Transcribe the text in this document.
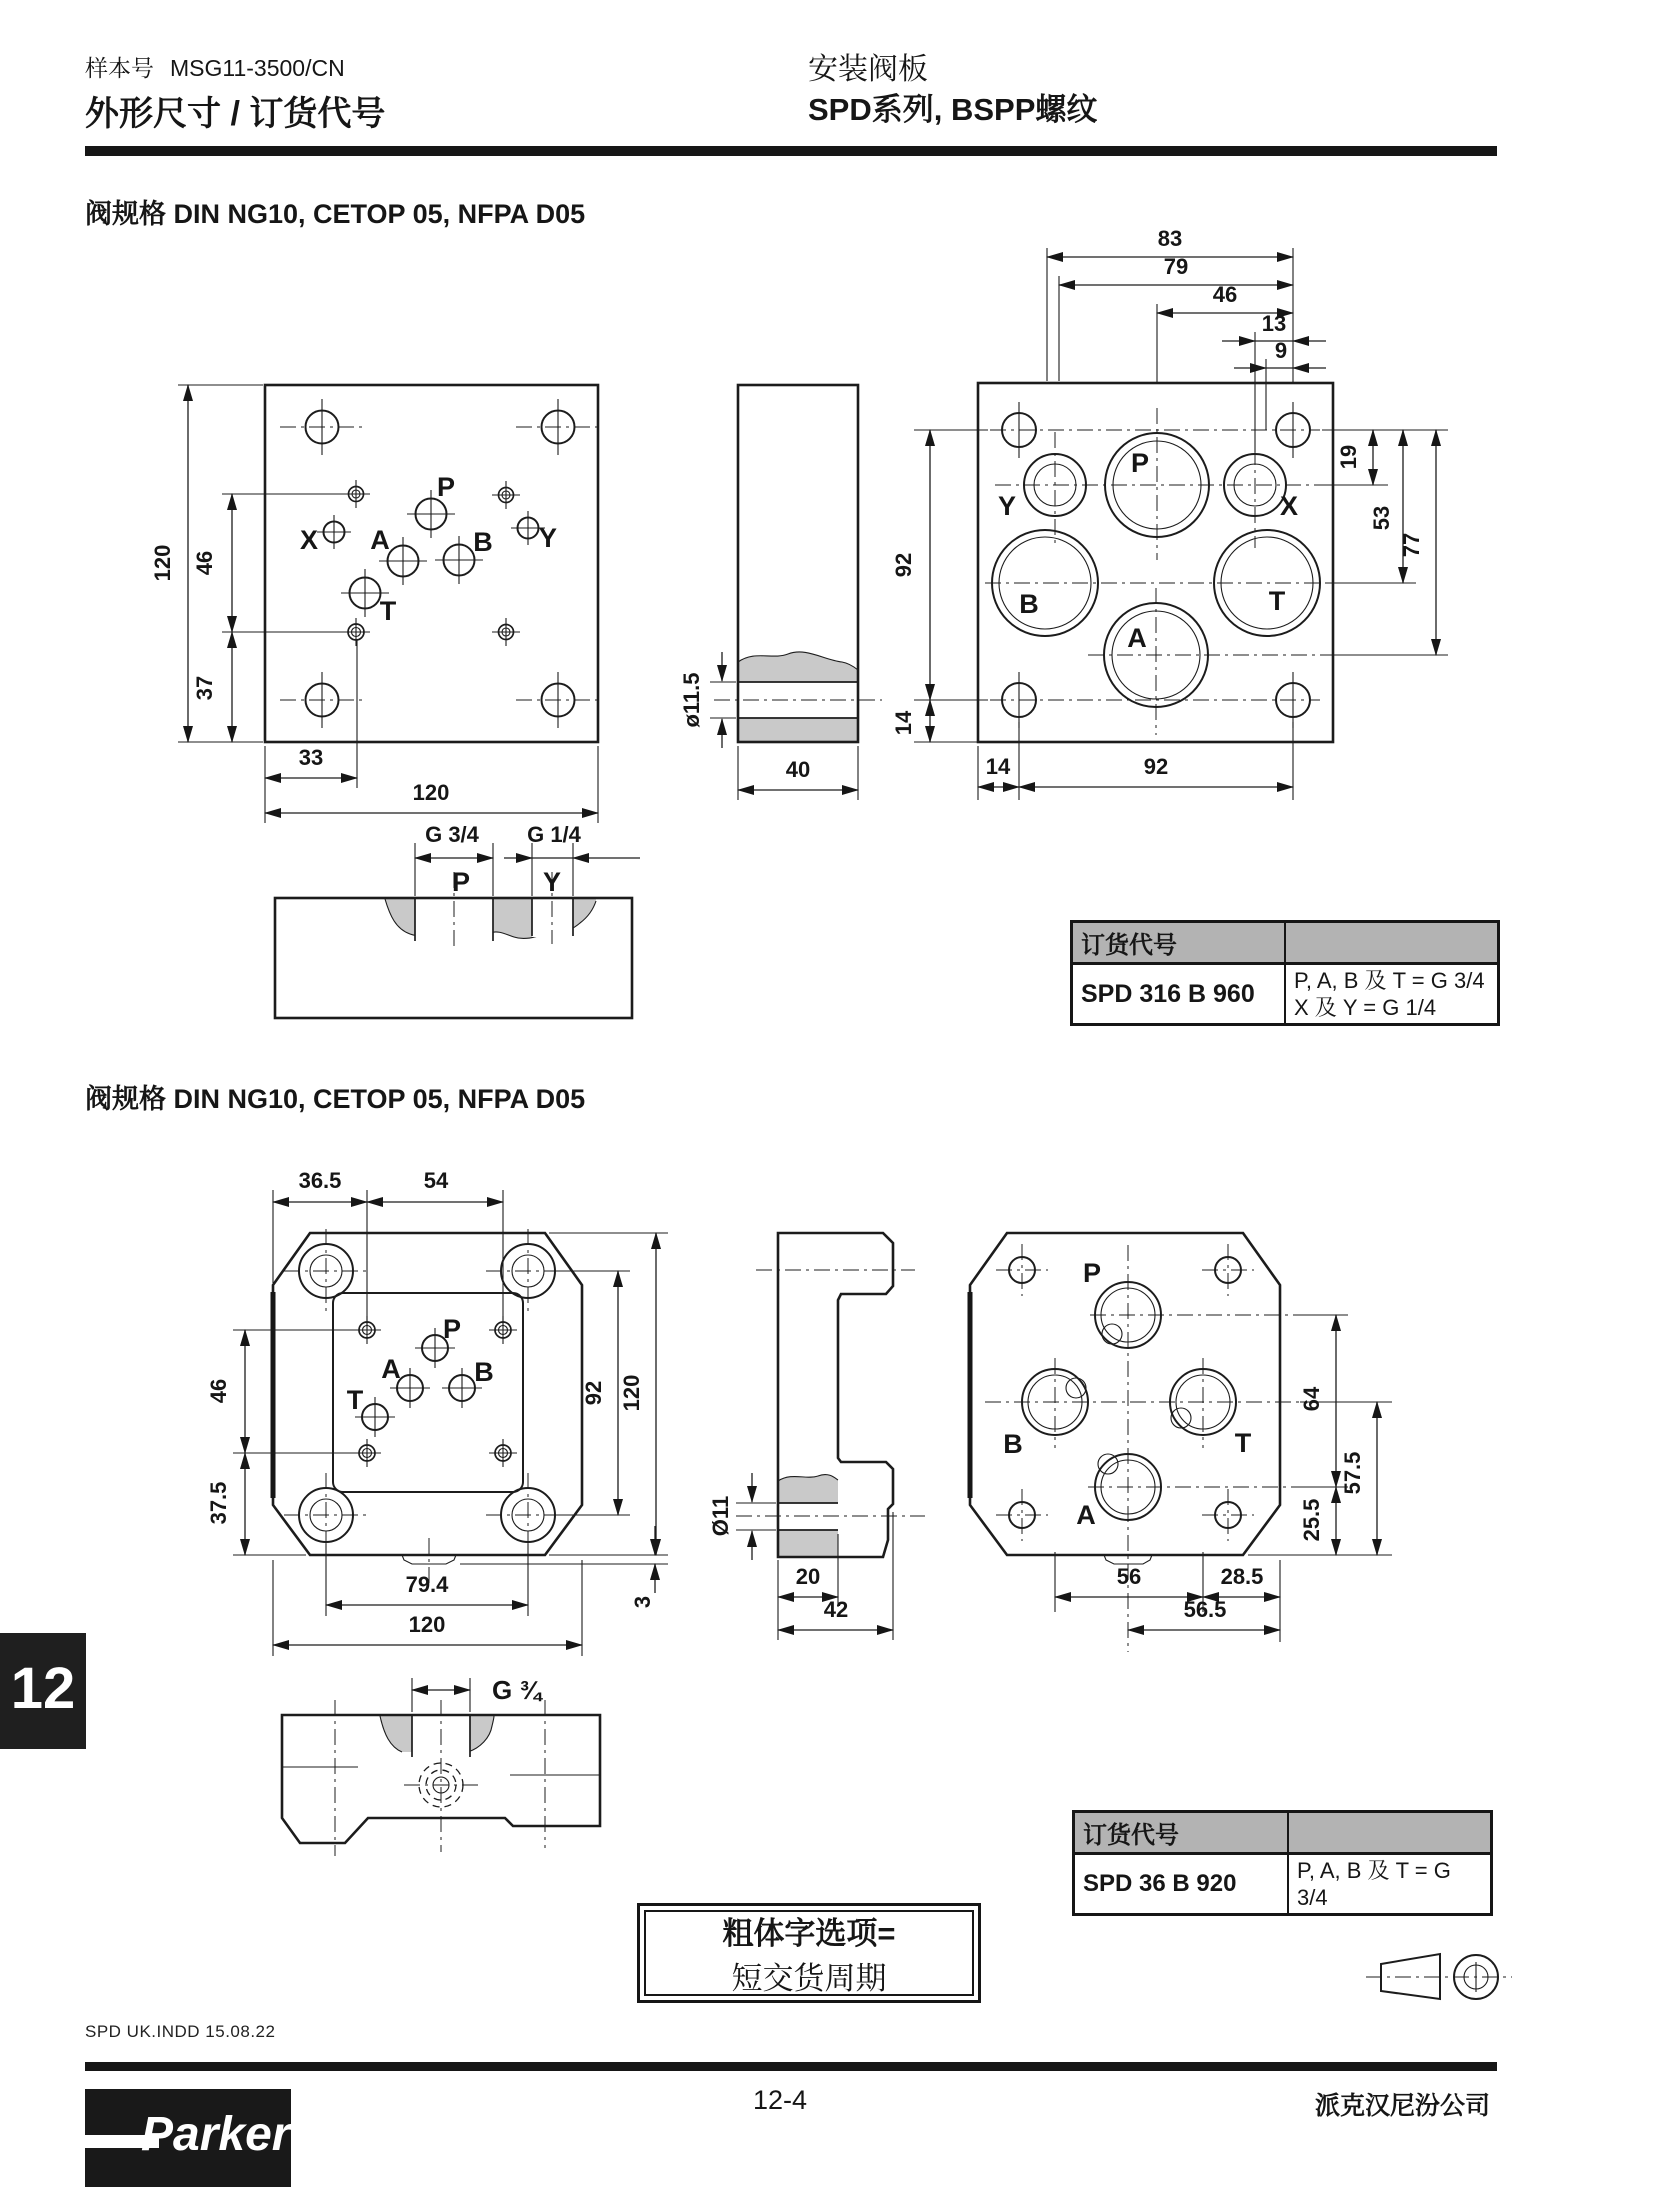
样本号 MSG11-3500/CN
外形尺寸 / 订货代号
安装阀板
SPD系列, BSPP螺纹
阀规格 DIN NG10, CETOP 05, NFPA D05
阀规格 DIN NG10, CETOP 05, NFPA D05
X
P
A	B Y
T
120 46
37
33
120
ø11.5
40
Y
P
X
B	T
A
83
79
46
13
9
19
53
77
92
14
14	92
G 3/4 G 1/4
P	Y
P
A	B
T
36.5	54
46
37.5
92 120
79.4
120
3
Ø11
20
42
P
B	T
A
64
57.5
25.5
56	28.5
56.5
G ¾
订货代号	
SPD 316 B 960	P, A, B 及 T = G 3/4
X 及 Y = G 1/4
订货代号	
SPD 36 B 920	P, A, B 及 T = G 3/4
粗体字选项=
短交货周期
12
SPD UK.INDD 15.08.22
12-4	派克汉尼汾公司
Parker
